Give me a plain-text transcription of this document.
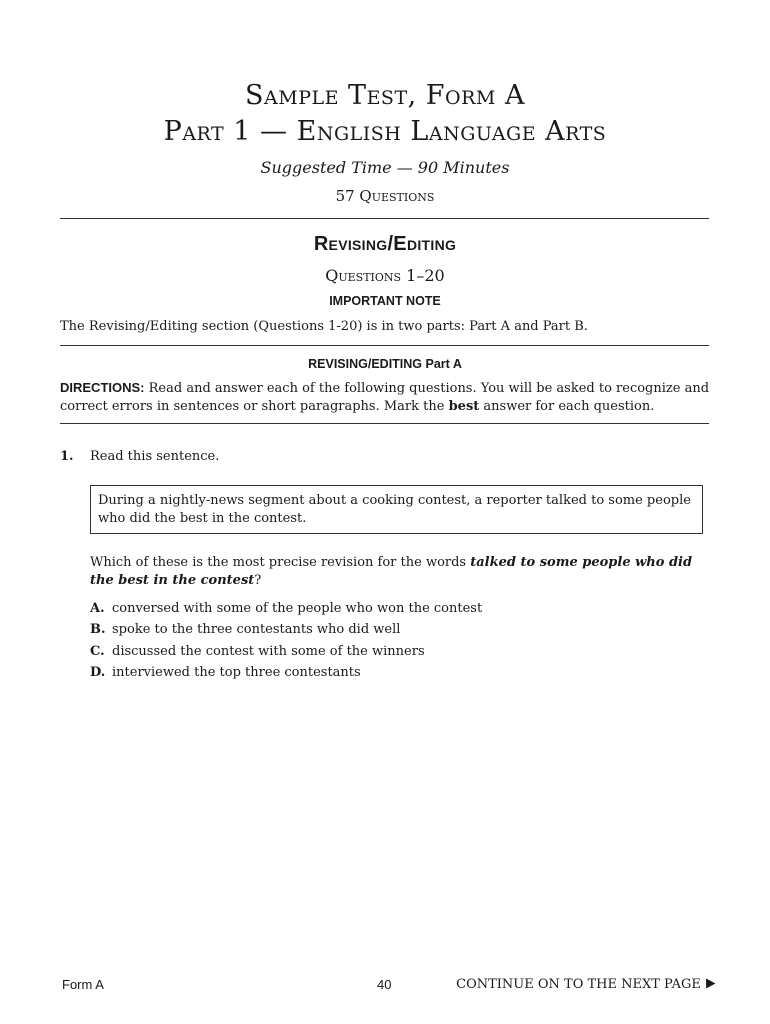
Sample Test, Form A
Part 1 — English Language Arts
Suggested Time — 90 Minutes
57 Questions
Revising/Editing
Questions 1–20
IMPORTANT NOTE
The Revising/Editing section (Questions 1-20) is in two parts: Part A and Part B.
REVISING/EDITING Part A
DIRECTIONS: Read and answer each of the following questions. You will be asked to recognize and correct errors in sentences or short paragraphs. Mark the best answer for each question.
1. Read this sentence.
During a nightly-news segment about a cooking contest, a reporter talked to some people who did the best in the contest.
Which of these is the most precise revision for the words talked to some people who did the best in the contest?
A. conversed with some of the people who won the contest
B. spoke to the three contestants who did well
C. discussed the contest with some of the winners
D. interviewed the top three contestants
Form A	40	CONTINUE ON TO THE NEXT PAGE
